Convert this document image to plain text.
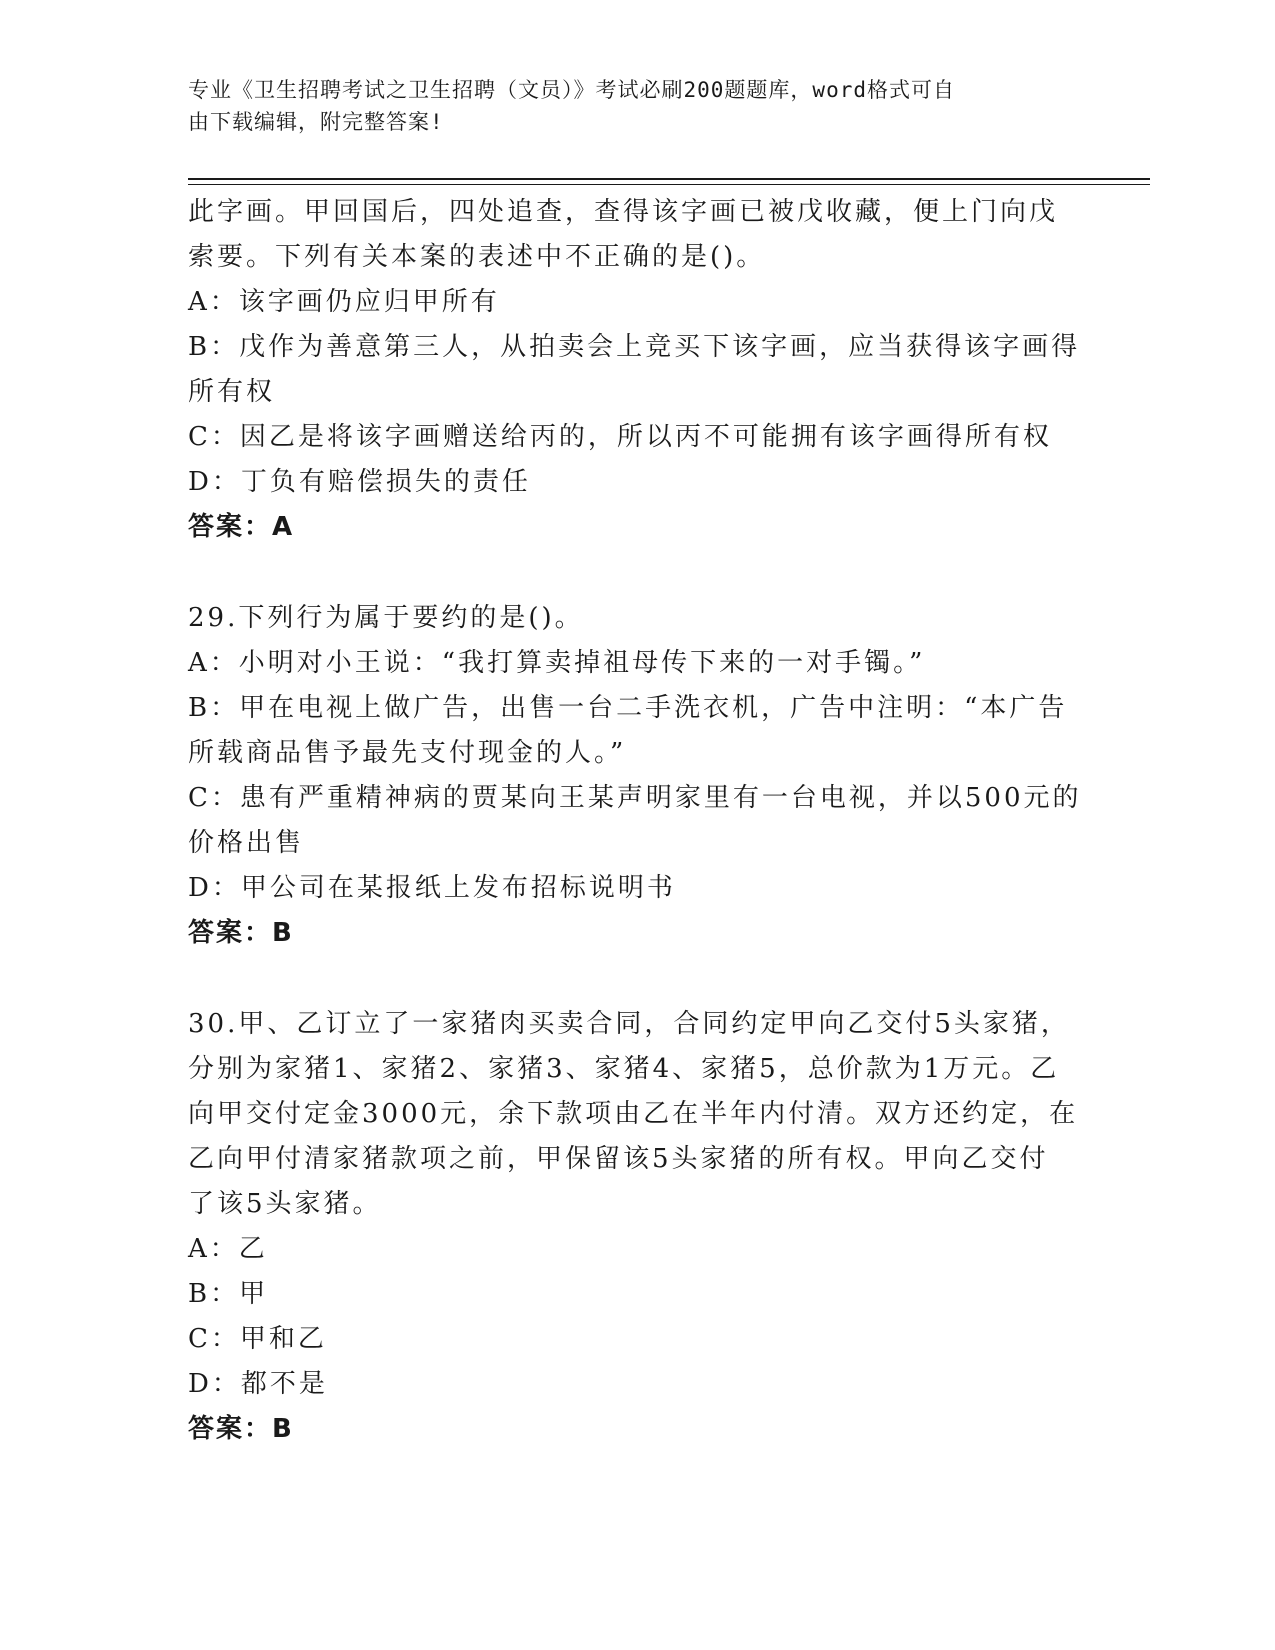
专业《卫生招聘考试之卫生招聘（文员）》考试必刷200题题库，word格式可自
由下载编辑，附完整答案!
此字画。甲回国后，四处追查，查得该字画已被戊收藏，便上门向戊
索要。下列有关本案的表述中不正确的是()。
A：该字画仍应归甲所有
B：戊作为善意第三人，从拍卖会上竞买下该字画，应当获得该字画得
所有权
C：因乙是将该字画赠送给丙的，所以丙不可能拥有该字画得所有权
D：丁负有赔偿损失的责任
答案：A
29.下列行为属于要约的是()。
A：小明对小王说：“我打算卖掉祖母传下来的一对手镯。”
B：甲在电视上做广告，出售一台二手洗衣机，广告中注明：“本广告
所载商品售予最先支付现金的人。”
C：患有严重精神病的贾某向王某声明家里有一台电视，并以500元的
价格出售
D：甲公司在某报纸上发布招标说明书
答案：B
30.甲、乙订立了一家猪肉买卖合同，合同约定甲向乙交付5头家猪，
分别为家猪1、家猪2、家猪3、家猪4、家猪5，总价款为1万元。乙
向甲交付定金3000元，余下款项由乙在半年内付清。双方还约定，在
乙向甲付清家猪款项之前，甲保留该5头家猪的所有权。甲向乙交付
了该5头家猪。
A：乙
B：甲
C：甲和乙
D：都不是
答案：B
